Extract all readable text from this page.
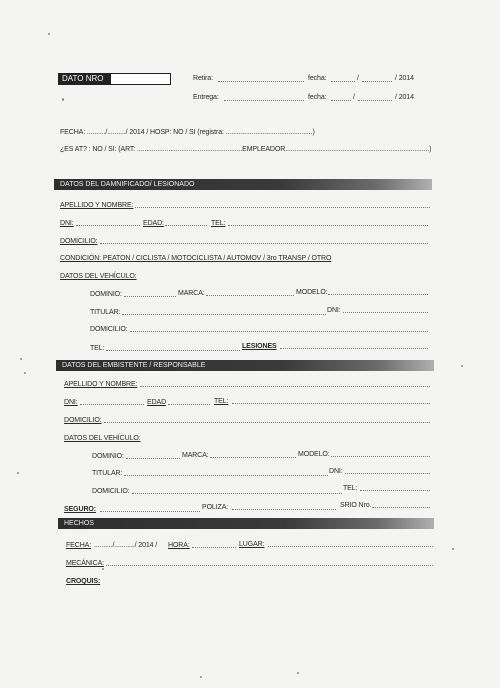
DATO NRO	Retira:	fecha:	/	/ 2014
Entrega:	fecha:	/	/ 2014
FECHA: ........../........../ 2014 / HOSP: NO / SI (registra: ...............................................)
¿ES AT? : NO / SI: (ART: .........................................................EMPLEADOR..............................................................................)
DATOS DEL DAMNIFICADO/ LESIONADO
APELLIDO Y NOMBRE:
DNI:	EDAD:	TEL:
DOMICILIO:
CONDICIÓN: PEATON / CICLISTA / MOTOCICLISTA / AUTOMOV / 3ro TRANSP / OTRO
DATOS DEL VEHÍCULO:
DOMINIO:	MARCA:	MODELO:
TITULAR:	DNI:
DOMICILIO:
TEL:	LESIONES
DATOS DEL EMBISTENTE / RESPONSABLE
APELLIDO Y NOMBRE:
DNI:	EDAD	TEL:
DOMICILIO:
DATOS DEL VEHÍCULO:
DOMINIO:	MARCA:	MODELO:
TITULAR:	DNI:
DOMICILIO:	TEL:
SEGURO:	POLIZA:	SRIO Nro.
HECHOS
FECHA: ........../.........../ 2014 / HORA:	LUGAR:
MECÁNICA:
CROQUIS:
